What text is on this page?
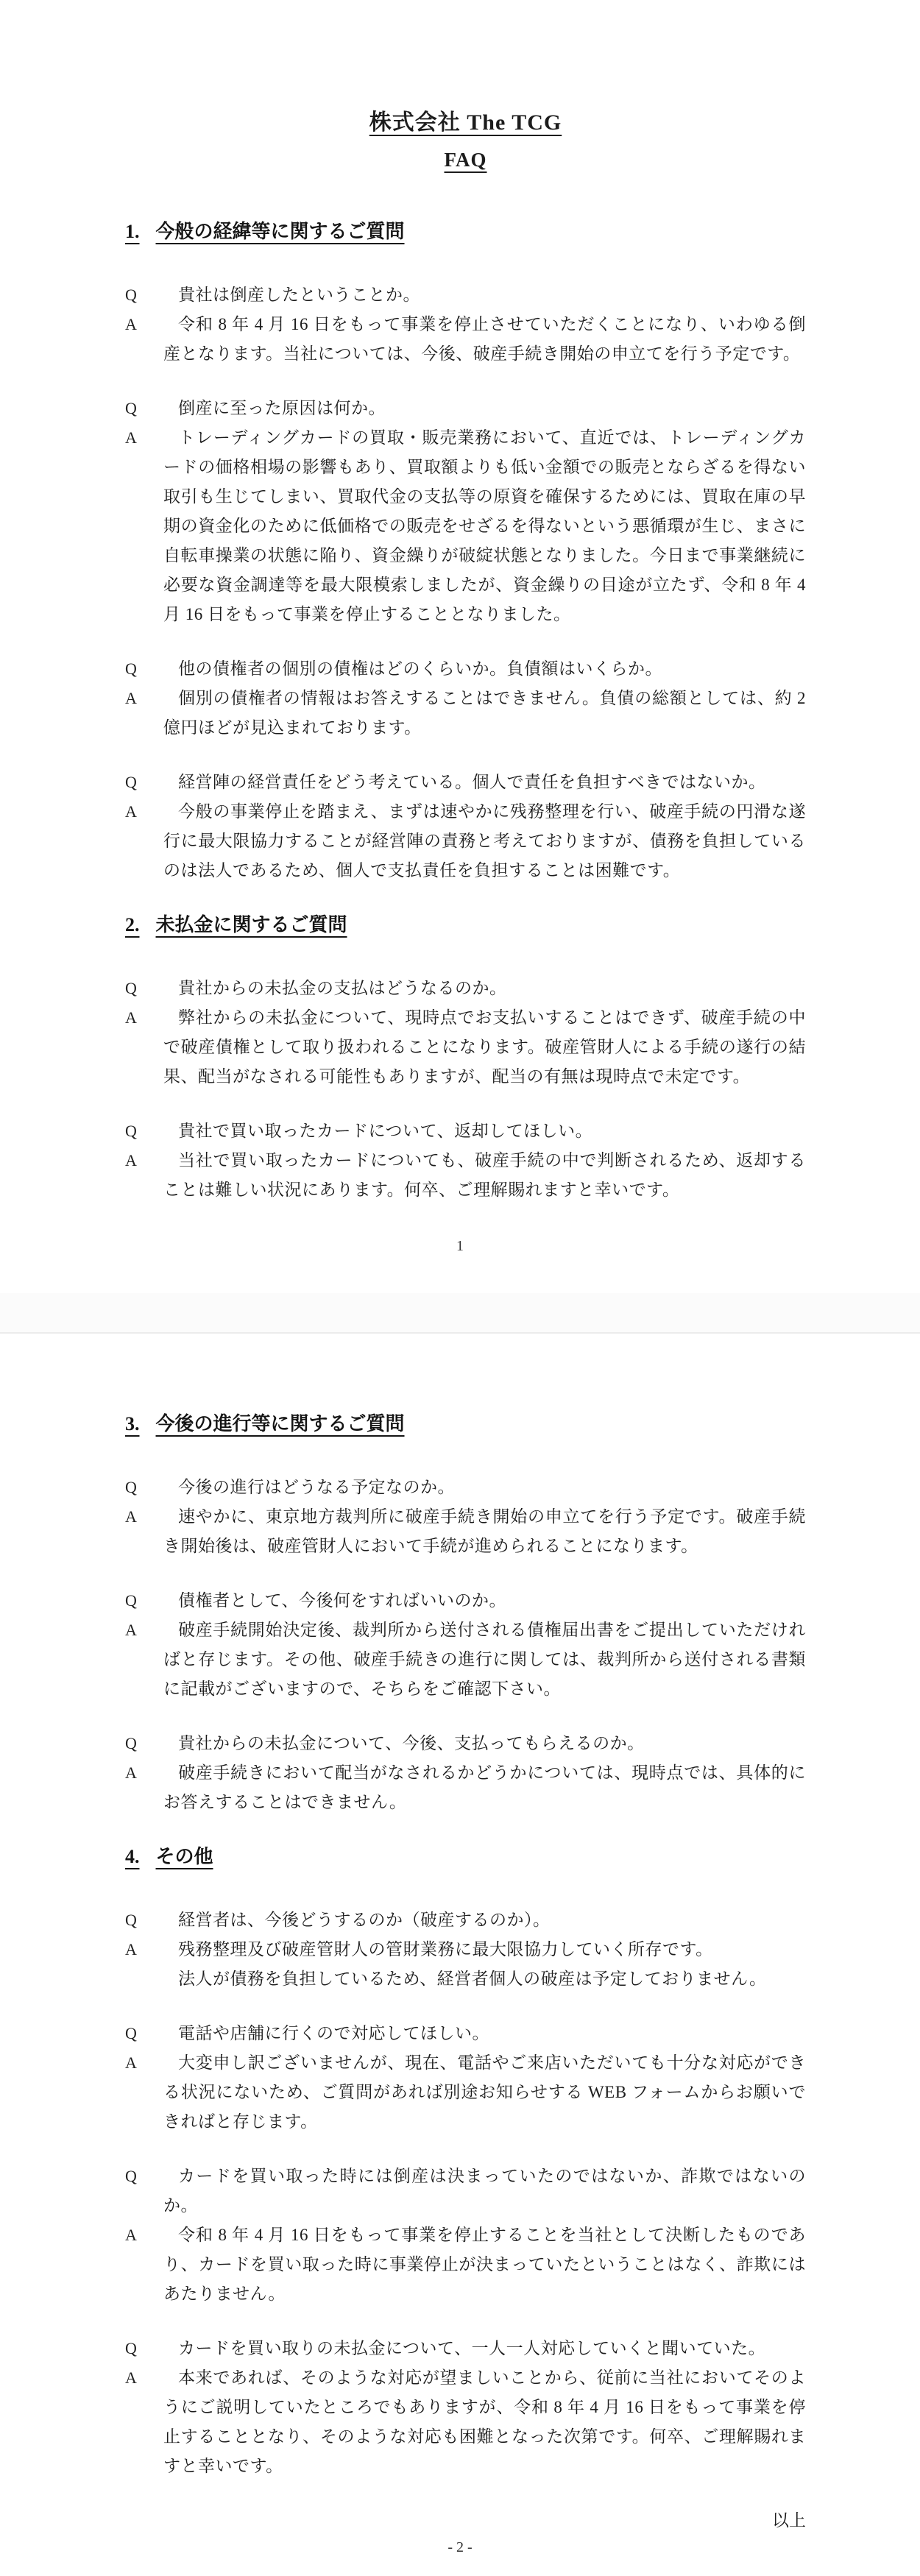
株式会社 The TCG
FAQ
1. 今般の経緯等に関するご質問
Q	貴社は倒産したということか。
A	令和 8 年 4 月 16 日をもって事業を停止させていただくことになり、いわゆる倒産となります。当社については、今後、破産手続き開始の申立てを行う予定です。
Q	倒産に至った原因は何か。
A	トレーディングカードの買取・販売業務において、直近では、トレーディングカードの価格相場の影響もあり、買取額よりも低い金額での販売とならざるを得ない取引も生じてしまい、買取代金の支払等の原資を確保するためには、買取在庫の早期の資金化のために低価格での販売をせざるを得ないという悪循環が生じ、まさに自転車操業の状態に陥り、資金繰りが破綻状態となりました。今日まで事業継続に必要な資金調達等を最大限模索しましたが、資金繰りの目途が立たず、令和 8 年 4 月 16 日をもって事業を停止することとなりました。
Q	他の債権者の個別の債権はどのくらいか。負債額はいくらか。
A	個別の債権者の情報はお答えすることはできません。負債の総額としては、約 2 億円ほどが見込まれております。
Q	経営陣の経営責任をどう考えている。個人で責任を負担すべきではないか。
A	今般の事業停止を踏まえ、まずは速やかに残務整理を行い、破産手続の円滑な遂行に最大限協力することが経営陣の責務と考えておりますが、債務を負担しているのは法人であるため、個人で支払責任を負担することは困難です。
2. 未払金に関するご質問
Q	貴社からの未払金の支払はどうなるのか。
A	弊社からの未払金について、現時点でお支払いすることはできず、破産手続の中で破産債権として取り扱われることになります。破産管財人による手続の遂行の結果、配当がなされる可能性もありますが、配当の有無は現時点で未定です。
Q	貴社で買い取ったカードについて、返却してほしい。
A	当社で買い取ったカードについても、破産手続の中で判断されるため、返却することは難しい状況にあります。何卒、ご理解賜れますと幸いです。
1
3. 今後の進行等に関するご質問
Q	今後の進行はどうなる予定なのか。
A	速やかに、東京地方裁判所に破産手続き開始の申立てを行う予定です。破産手続き開始後は、破産管財人において手続が進められることになります。
Q	債権者として、今後何をすればいいのか。
A	破産手続開始決定後、裁判所から送付される債権届出書をご提出していただければと存じます。その他、破産手続きの進行に関しては、裁判所から送付される書類に記載がございますので、そちらをご確認下さい。
Q	貴社からの未払金について、今後、支払ってもらえるのか。
A	破産手続きにおいて配当がなされるかどうかについては、現時点では、具体的にお答えすることはできません。
4. その他
Q	経営者は、今後どうするのか（破産するのか）。
A	残務整理及び破産管財人の管財業務に最大限協力していく所存です。
法人が債務を負担しているため、経営者個人の破産は予定しておりません。
Q	電話や店舗に行くので対応してほしい。
A	大変申し訳ございませんが、現在、電話やご来店いただいても十分な対応ができる状況にないため、ご質問があれば別途お知らせする WEB フォームからお願いできればと存じます。
Q	カードを買い取った時には倒産は決まっていたのではないか、詐欺ではないのか。
A	令和 8 年 4 月 16 日をもって事業を停止することを当社として決断したものであり、カードを買い取った時に事業停止が決まっていたということはなく、詐欺にはあたりません。
Q	カードを買い取りの未払金について、一人一人対応していくと聞いていた。
A	本来であれば、そのような対応が望ましいことから、従前に当社においてそのようにご説明していたところでもありますが、令和 8 年 4 月 16 日をもって事業を停止することとなり、そのような対応も困難となった次第です。何卒、ご理解賜れますと幸いです。
以上
- 2 -
